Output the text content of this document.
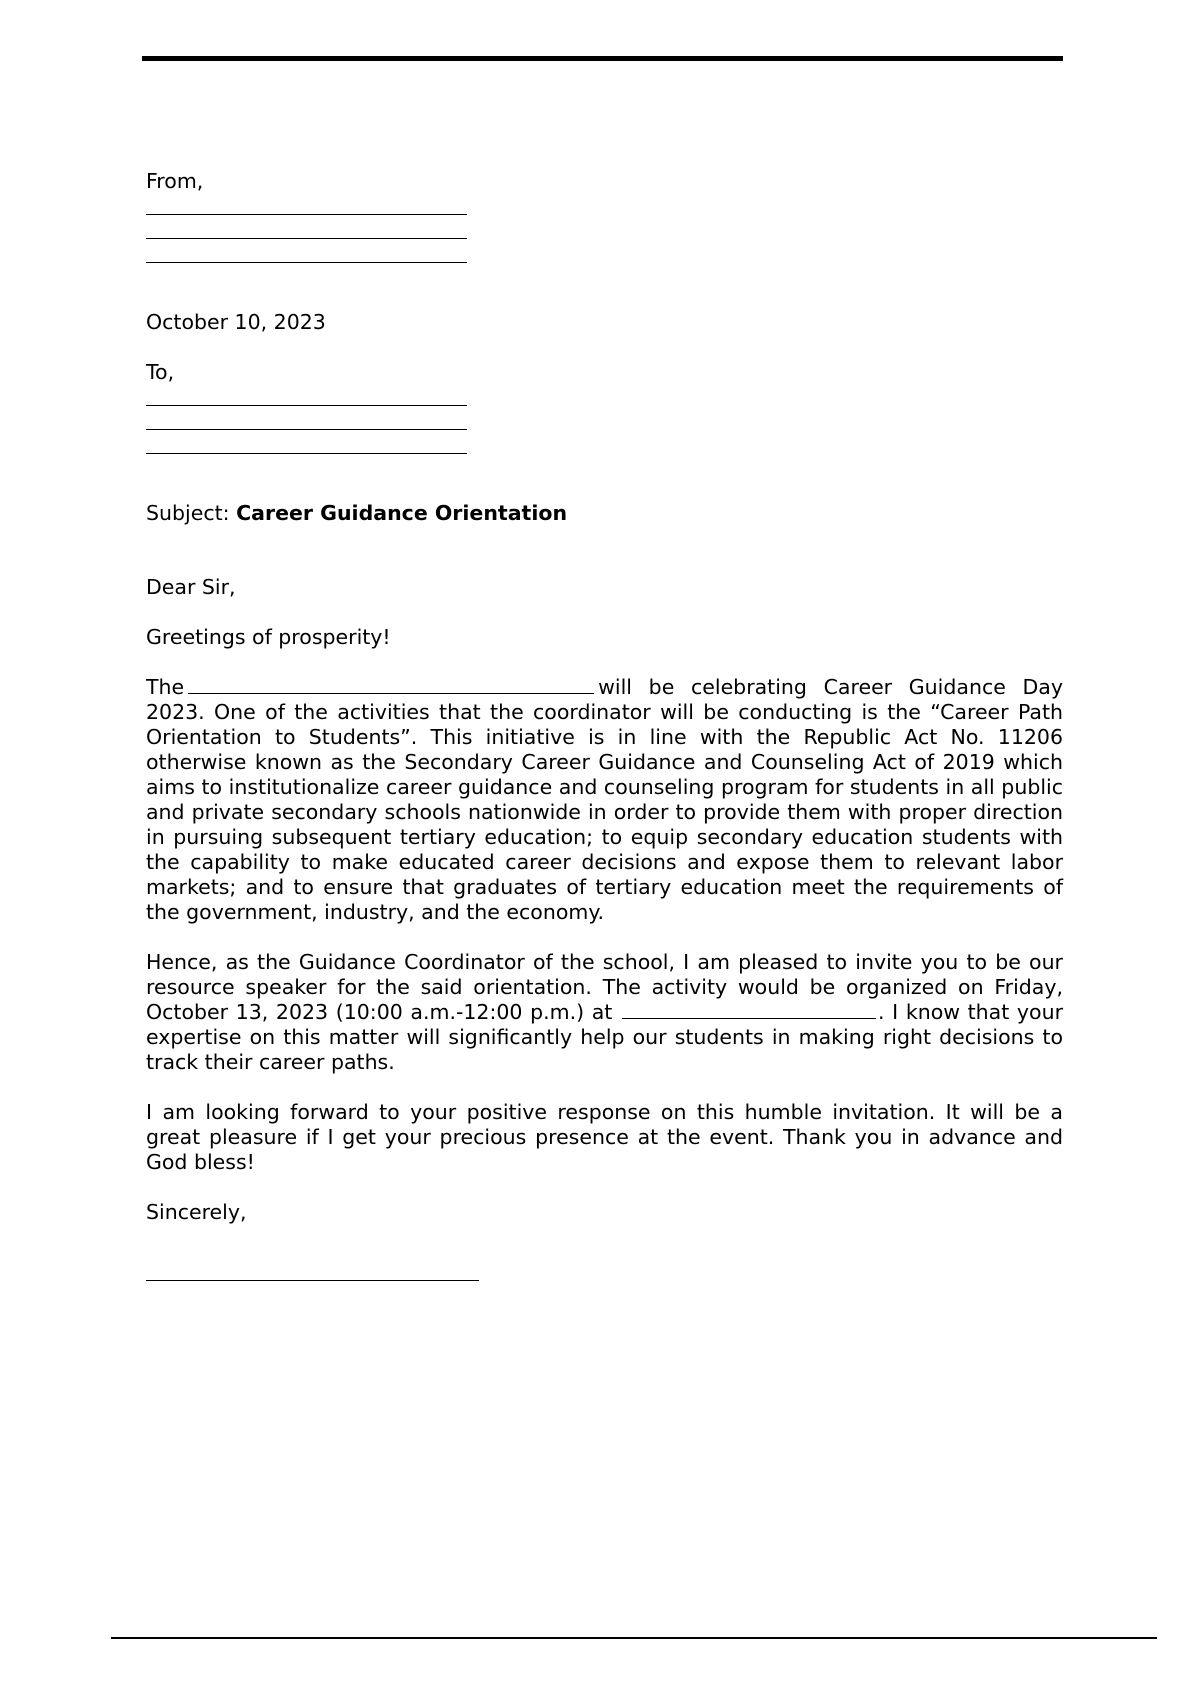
From,

October 10, 2023

To,

Subject: Career Guidance Orientation

Dear Sir,

Greetings of prosperity!

The	will be celebrating Career Guidance Day 2023. One of the activities that the coordinator will be conducting is the “Career Path Orientation to Students”. This initiative is in line with the Republic Act No. 11206 otherwise known as the Secondary Career Guidance and Counseling Act of 2019 which aims to institutionalize career guidance and counseling program for students in all public and private secondary schools nationwide in order to provide them with proper direction in pursuing subsequent tertiary education; to equip secondary education students with the capability to make educated career decisions and expose them to relevant labor markets; and to ensure that graduates of tertiary education meet the requirements of the government, industry, and the economy.

Hence, as the Guidance Coordinator of the school, I am pleased to invite you to be our resource speaker for the said orientation. The activity would be organized on Friday, October 13, 2023 (10:00 a.m.-12:00 p.m.) at	. I know that your expertise on this matter will significantly help our students in making right decisions to track their career paths.

I am looking forward to your positive response on this humble invitation. It will be a great pleasure if I get your precious presence at the event. Thank you in advance and God bless!

Sincerely,
